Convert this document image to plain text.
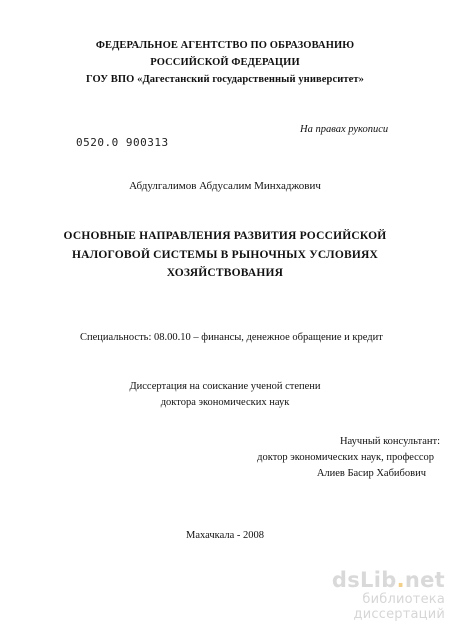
ФЕДЕРАЛЬНОЕ АГЕНТСТВО ПО ОБРАЗОВАНИЮ
РОССИЙСКОЙ ФЕДЕРАЦИИ
ГОУ ВПО «Дагестанский государственный университет»
0520.0 900313
На правах рукописи
Абдулгалимов Абдусалим Минхаджович
ОСНОВНЫЕ НАПРАВЛЕНИЯ РАЗВИТИЯ РОССИЙСКОЙ
НАЛОГОВОЙ СИСТЕМЫ В РЫНОЧНЫХ УСЛОВИЯХ
ХОЗЯЙСТВОВАНИЯ
Специальность: 08.00.10 – финансы, денежное обращение и кредит
Диссертация на соискание ученой степени
доктора экономических наук
Научный консультант:
доктор экономических наук, профессор
Алиев Басир Хабибович
Махачкала - 2008
dsLib.net
библиотека диссертаций
